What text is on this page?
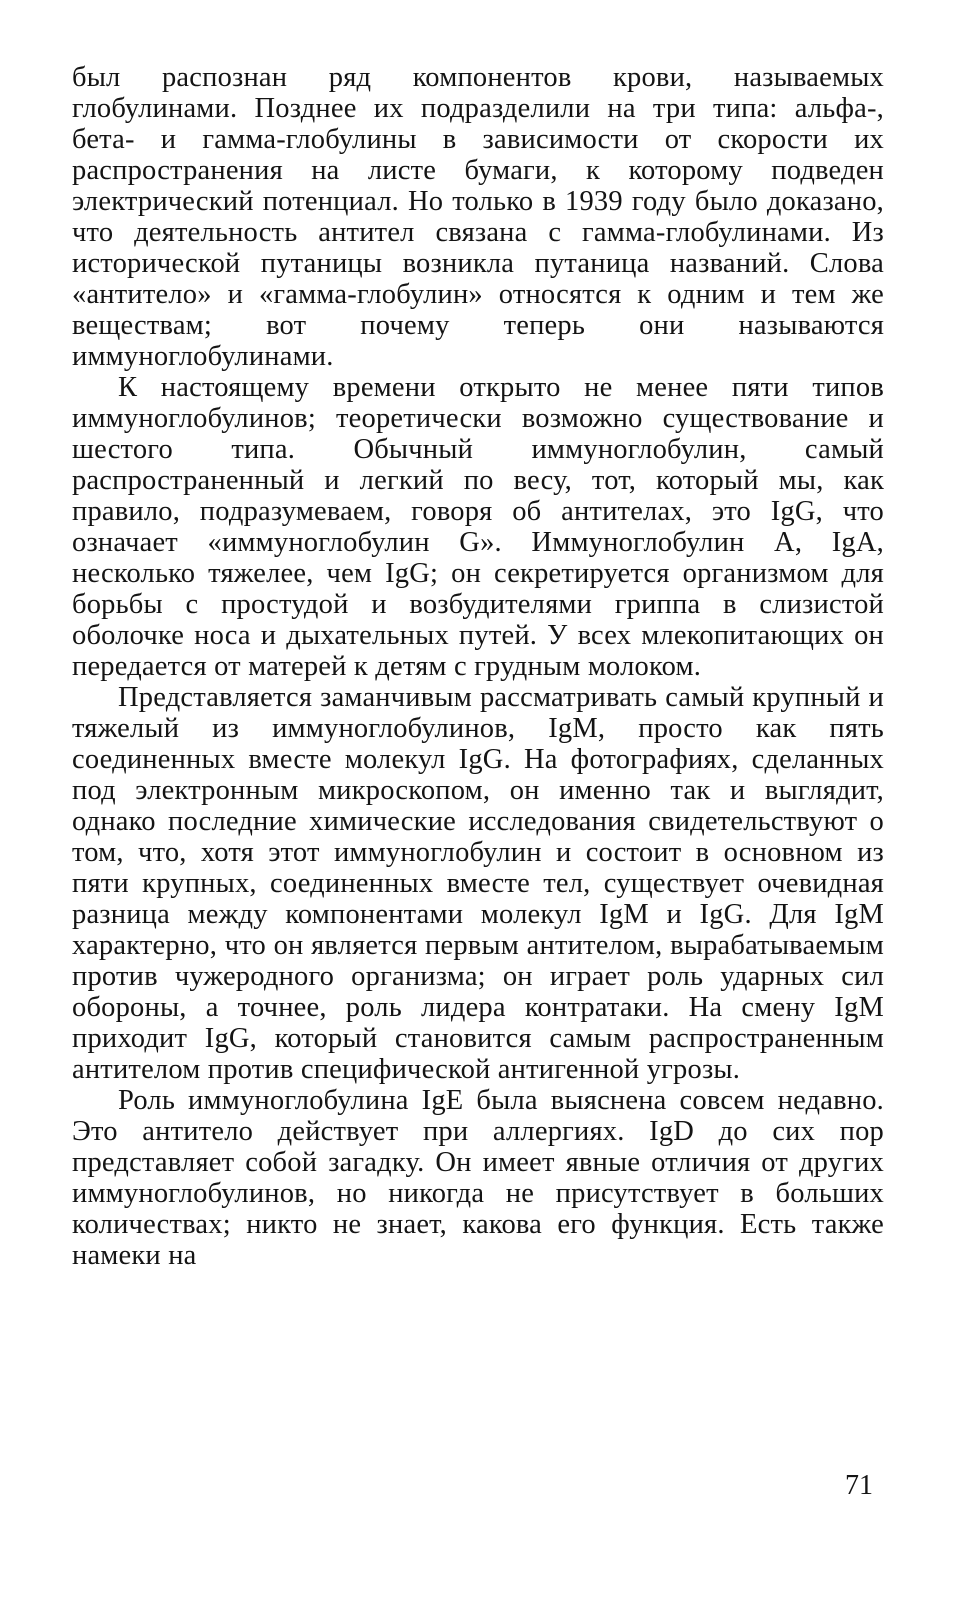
был распознан ряд компонентов крови, называемых глобулинами. Позднее их подразделили на три типа: альфа-, бета- и гамма-глобулины в зависимости от скорости их распространения на листе бумаги, к которому подведен электрический потенциал. Но только в 1939 году было доказано, что деятельность антител связана с гамма-глобулинами. Из исторической путаницы возникла путаница названий. Слова «антитело» и «гамма-глобулин» относятся к одним и тем же веществам; вот почему теперь они называются иммуноглобулинами.

К настоящему времени открыто не менее пяти типов иммуноглобулинов; теоретически возможно существование и шестого типа. Обычный иммуноглобулин, самый распространенный и легкий по весу, тот, который мы, как правило, подразумеваем, говоря об антителах, это IgG, что означает «иммуноглобулин G». Иммуноглобулин A, IgA, несколько тяжелее, чем IgG; он секретируется организмом для борьбы с простудой и возбудителями гриппа в слизистой оболочке носа и дыхательных путей. У всех млекопитающих он передается от матерей к детям с грудным молоком.

Представляется заманчивым рассматривать самый крупный и тяжелый из иммуноглобулинов, IgM, просто как пять соединенных вместе молекул IgG. На фотографиях, сделанных под электронным микроскопом, он именно так и выглядит, однако последние химические исследования свидетельствуют о том, что, хотя этот иммуноглобулин и состоит в основном из пяти крупных, соединенных вместе тел, существует очевидная разница между компонентами молекул IgM и IgG. Для IgM характерно, что он является первым антителом, вырабатываемым против чужеродного организма; он играет роль ударных сил обороны, а точнее, роль лидера контратаки. На смену IgM приходит IgG, который становится самым распространенным антителом против специфической антигенной угрозы.

Роль иммуноглобулина IgE была выяснена совсем недавно. Это антитело действует при аллергиях. IgD до сих пор представляет собой загадку. Он имеет явные отличия от других иммуноглобулинов, но никогда не присутствует в больших количествах; никто не знает, какова его функция. Есть также намеки на

71
